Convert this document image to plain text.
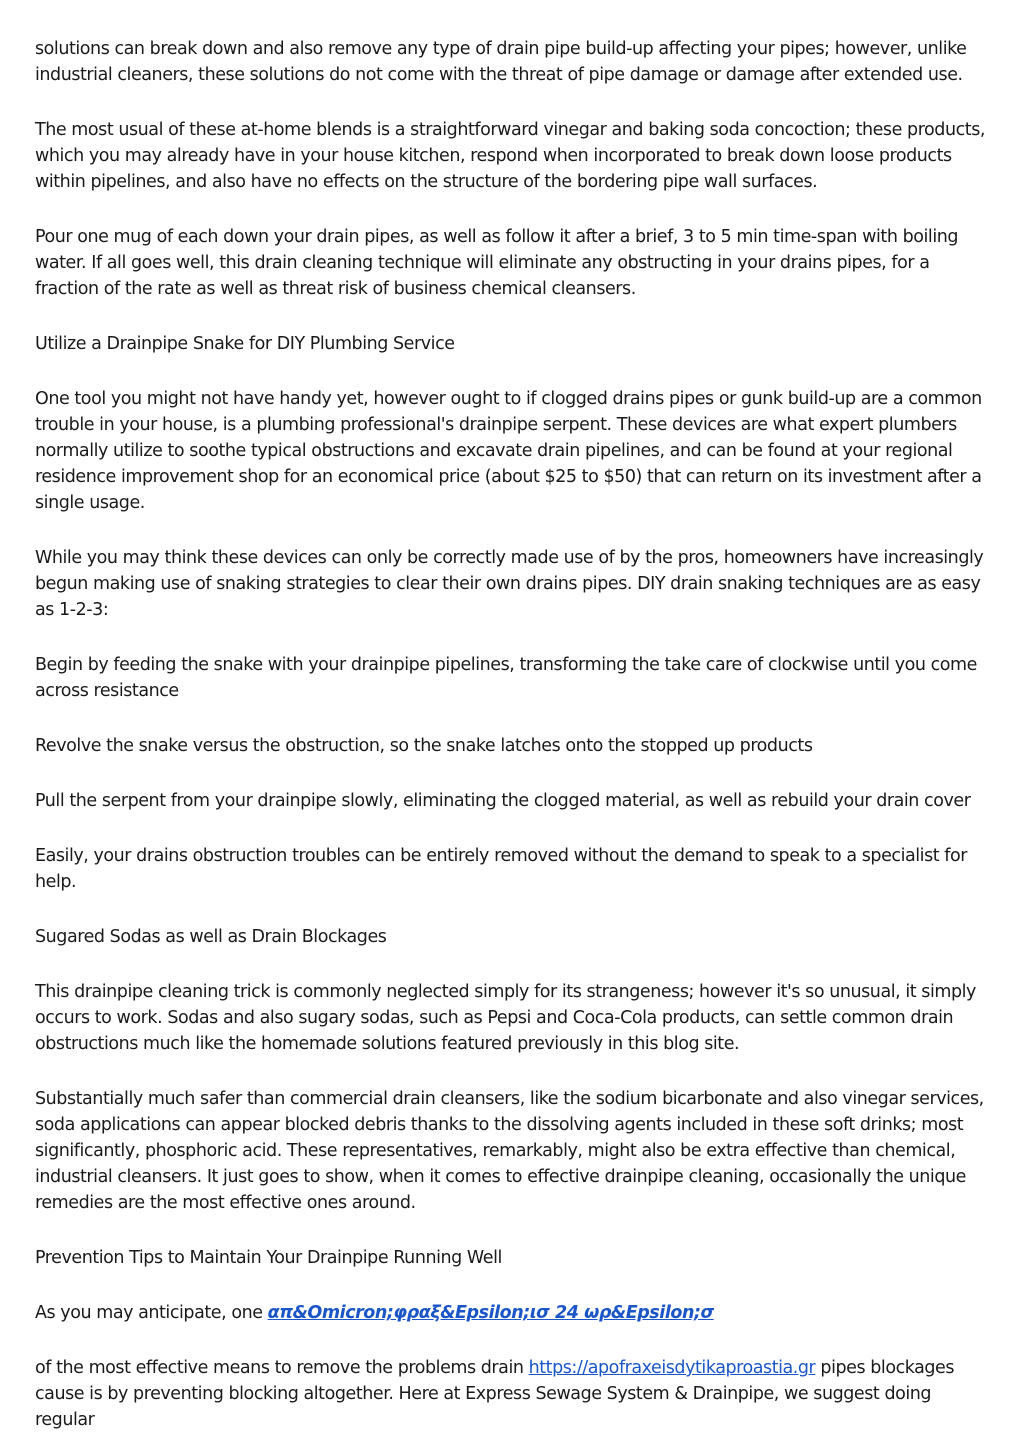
solutions can break down and also remove any type of drain pipe build-up affecting your pipes; however, unlike industrial cleaners, these solutions do not come with the threat of pipe damage or damage after extended use.

The most usual of these at-home blends is a straightforward vinegar and baking soda concoction; these products, which you may already have in your house kitchen, respond when incorporated to break down loose products within pipelines, and also have no effects on the structure of the bordering pipe wall surfaces.

Pour one mug of each down your drain pipes, as well as follow it after a brief, 3 to 5 min time-span with boiling water. If all goes well, this drain cleaning technique will eliminate any obstructing in your drains pipes, for a fraction of the rate as well as threat risk of business chemical cleansers.

Utilize a Drainpipe Snake for DIY Plumbing Service

One tool you might not have handy yet, however ought to if clogged drains pipes or gunk build-up are a common trouble in your house, is a plumbing professional's drainpipe serpent. These devices are what expert plumbers normally utilize to soothe typical obstructions and excavate drain pipelines, and can be found at your regional residence improvement shop for an economical price (about $25 to $50) that can return on its investment after a single usage.

While you may think these devices can only be correctly made use of by the pros, homeowners have increasingly begun making use of snaking strategies to clear their own drains pipes. DIY drain snaking techniques are as easy as 1-2-3:

Begin by feeding the snake with your drainpipe pipelines, transforming the take care of clockwise until you come across resistance

Revolve the snake versus the obstruction, so the snake latches onto the stopped up products

Pull the serpent from your drainpipe slowly, eliminating the clogged material, as well as rebuild your drain cover

Easily, your drains obstruction troubles can be entirely removed without the demand to speak to a specialist for help.

Sugared Sodas as well as Drain Blockages

This drainpipe cleaning trick is commonly neglected simply for its strangeness; however it's so unusual, it simply occurs to work. Sodas and also sugary sodas, such as Pepsi and Coca-Cola products, can settle common drain obstructions much like the homemade solutions featured previously in this blog site.

Substantially much safer than commercial drain cleansers, like the sodium bicarbonate and also vinegar services, soda applications can appear blocked debris thanks to the dissolving agents included in these soft drinks; most significantly, phosphoric acid. These representatives, remarkably, might also be extra effective than chemical, industrial cleansers. It just goes to show, when it comes to effective drainpipe cleaning, occasionally the unique remedies are the most effective ones around.

Prevention Tips to Maintain Your Drainpipe Running Well

As you may anticipate, one απ&Omicron;φραξ&Epsilon;ισ 24 ωρ&Epsilon;σ

of the most effective means to remove the problems drain https://apofraxeisdytikaproastia.gr pipes blockages cause is by preventing blocking altogether. Here at Express Sewage System & Drainpipe, we suggest doing regular
